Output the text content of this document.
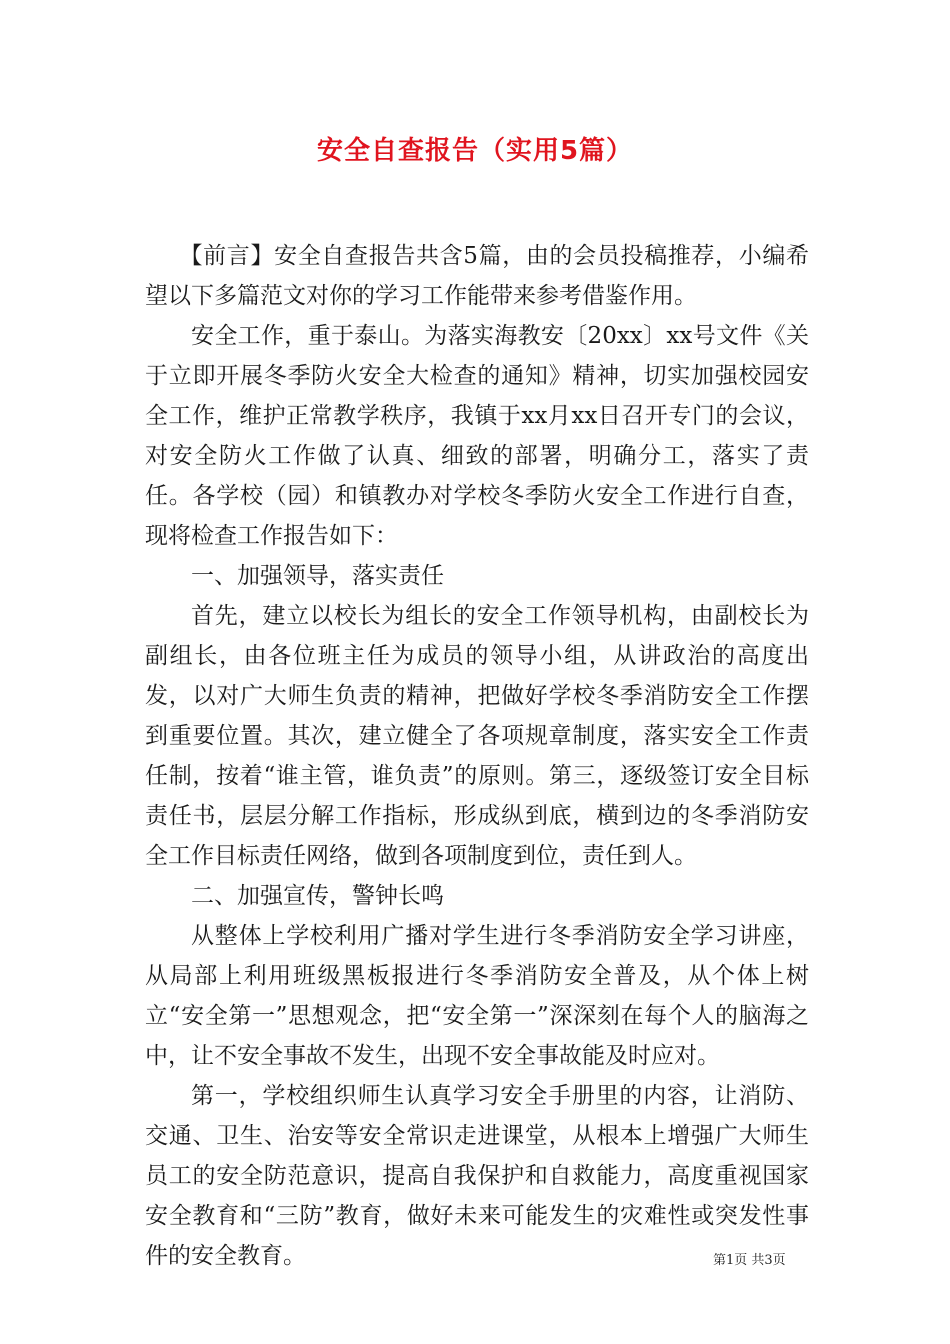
安全自查报告（实用5篇）

【前言】安全自查报告共含5篇，由的会员投稿推荐，小编希望以下多篇范文对你的学习工作能带来参考借鉴作用。

安全工作，重于泰山。为落实海教安〔20xx〕xx号文件《关于立即开展冬季防火安全大检查的通知》精神，切实加强校园安全工作，维护正常教学秩序，我镇于xx月xx日召开专门的会议，对安全防火工作做了认真、细致的部署，明确分工，落实了责任。各学校（园）和镇教办对学校冬季防火安全工作进行自查，现将检查工作报告如下：

一、加强领导，落实责任

首先，建立以校长为组长的安全工作领导机构，由副校长为副组长，由各位班主任为成员的领导小组，从讲政治的高度出发，以对广大师生负责的精神，把做好学校冬季消防安全工作摆到重要位置。其次，建立健全了各项规章制度，落实安全工作责任制，按着“谁主管，谁负责”的原则。第三，逐级签订安全目标责任书，层层分解工作指标，形成纵到底，横到边的冬季消防安全工作目标责任网络，做到各项制度到位，责任到人。

二、加强宣传，警钟长鸣

从整体上学校利用广播对学生进行冬季消防安全学习讲座，从局部上利用班级黑板报进行冬季消防安全普及，从个体上树立“安全第一”思想观念，把“安全第一”深深刻在每个人的脑海之中，让不安全事故不发生，出现不安全事故能及时应对。

第一，学校组织师生认真学习安全手册里的内容，让消防、交通、卫生、治安等安全常识走进课堂，从根本上增强广大师生员工的安全防范意识，提高自我保护和自救能力，高度重视国家安全教育和“三防”教育，做好未来可能发生的灾难性或突发性事件的安全教育。	第1页 共3页
